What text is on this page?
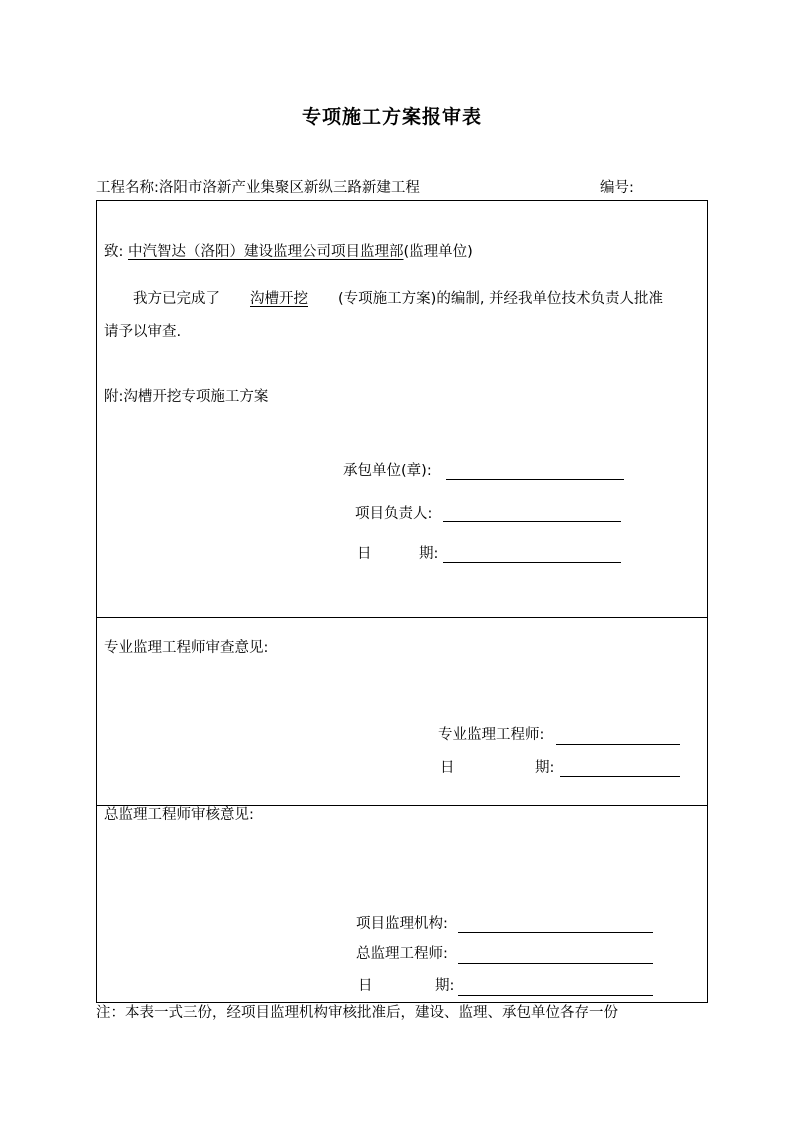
专项施工方案报审表
工程名称:洛阳市洛新产业集聚区新纵三路新建工程	编号:
致: 中汽智达（洛阳）建设监理公司项目监理部(监理单位)
我方已完成了 沟槽开挖 (专项施工方案)的编制, 并经我单位技术负责人批准
请予以审查.
附:沟槽开挖专项施工方案
承包单位(章):
项目负责人:
日	期:
专业监理工程师审查意见:
专业监理工程师:
日	期:
总监理工程师审核意见:
项目监理机构:
总监理工程师:
日	期:
注：本表一式三份，经项目监理机构审核批准后，建设、监理、承包单位各存一份
